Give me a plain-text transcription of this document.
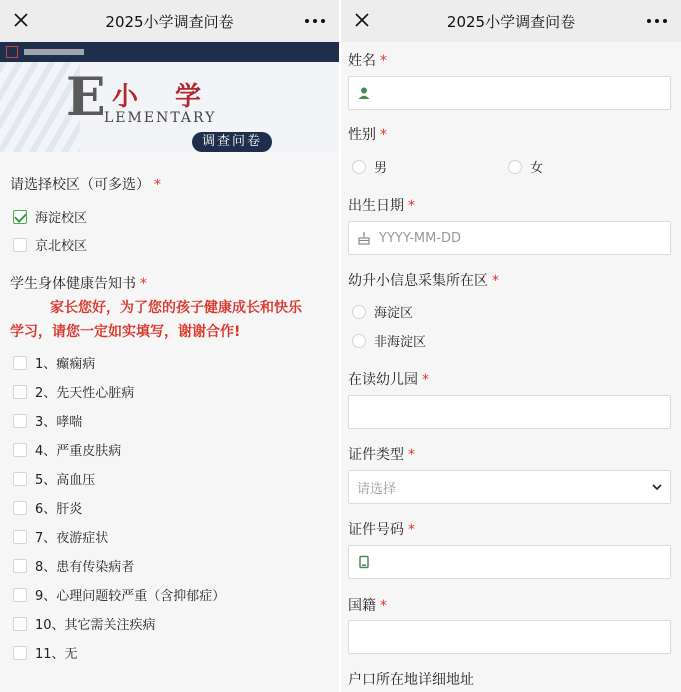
2025小学调查问卷
E 小 学
LEMENTARY
调查问卷
请选择校区（可多选） *
海淀校区
京北校区
学生身体健康告知书 *
家长您好，为了您的孩子健康成长和快乐
学习，请您一定如实填写，谢谢合作!
1、癫痫病
2、先天性心脏病
3、哮喘
4、严重皮肤病
5、高血压
6、肝炎
7、夜游症状
8、患有传染病者
9、心理问题较严重（含抑郁症）
10、其它需关注疾病
11、无
2025小学调查问卷
姓名 *
性别 *
男	女
出生日期 *
YYYY-MM-DD
幼升小信息采集所在区 *
海淀区
非海淀区
在读幼儿园 *
证件类型 *
请选择
证件号码 *
国籍 *
户口所在地详细地址
